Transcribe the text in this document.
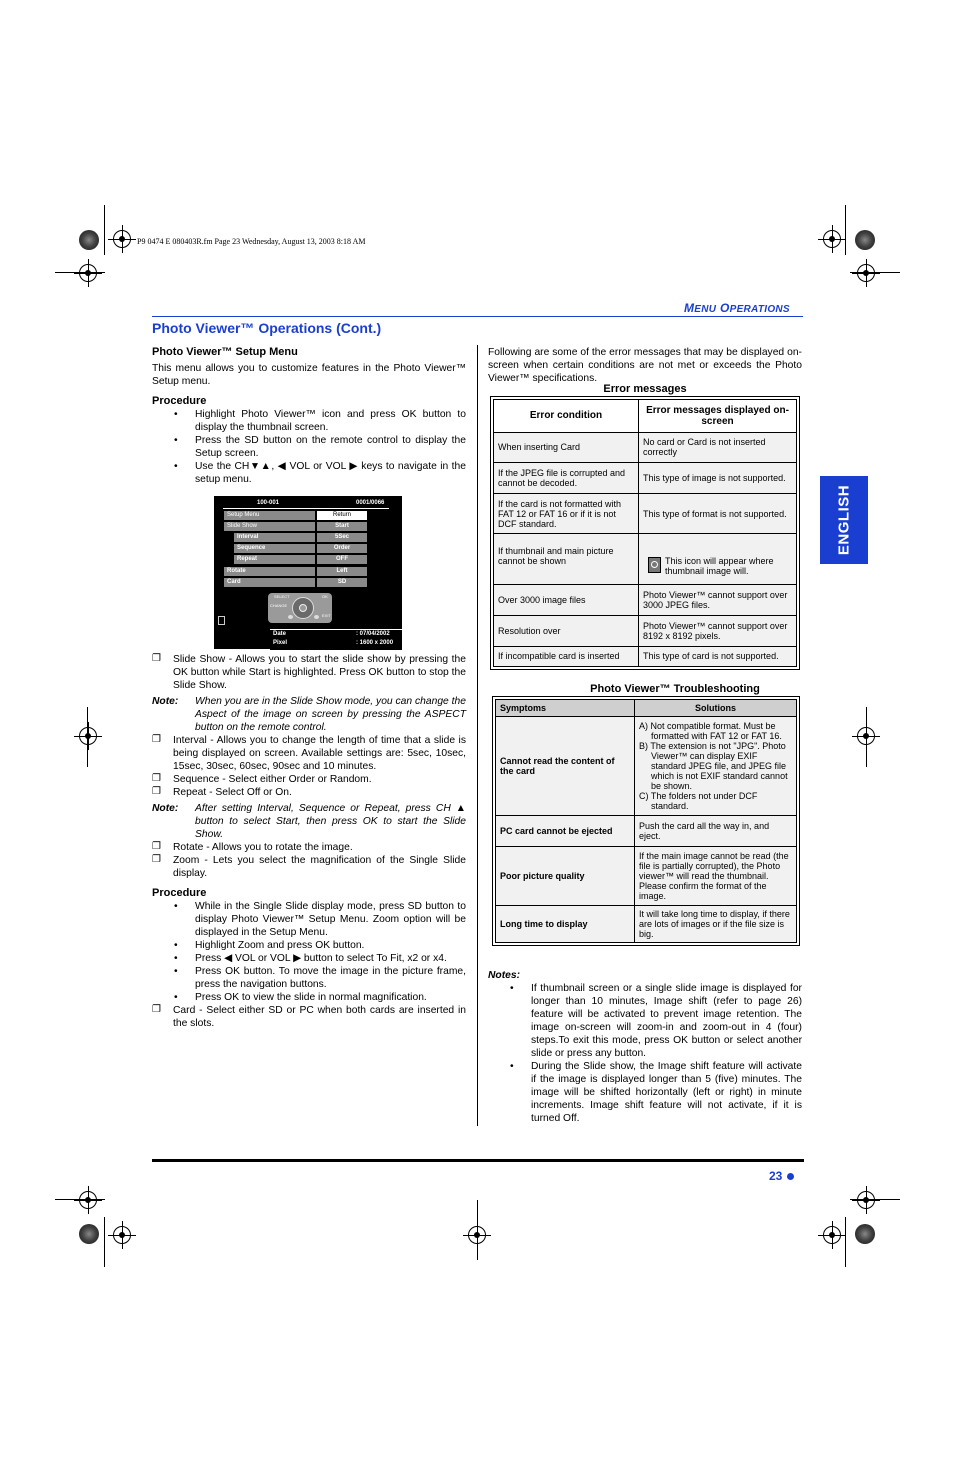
P9 0474 E 080403R.fm Page 23 Wednesday, August 13, 2003 8:18 AM
MENU OPERATIONS
Photo Viewer™ Operations (Cont.)
ENGLISH
Photo Viewer™ Setup Menu

This menu allows you to customize features in the Photo Viewer™ Setup menu.

Procedure
• Highlight Photo Viewer™ icon and press OK button to display the thumbnail screen.
• Press the SD button on the remote control to display the Setup screen.
• Use the CH▼▲, ◀ VOL or VOL ▶ keys to navigate in the setup menu.
100-001	0001/0066
Setup Menu	Return
Slide Show	Start
Interval	5Sec
Sequence	Order
Repeat	OFF
Rotate	Left
Card	SD
SELECT	OK
CHANGE
EXIT
Date	: 07/04/2002
Pixel	: 1600 x 2000
❐ Slide Show - Allows you to start the slide show by pressing the OK button while Start is highlighted. Press OK button to stop the Slide Show.
Note: When you are in the Slide Show mode, you can change the Aspect of the image on screen by pressing the ASPECT button on the remote control.
❐ Interval - Allows you to change the length of time that a slide is being displayed on screen. Available settings are: 5sec, 10sec, 15sec, 30sec, 60sec, 90sec and 10 minutes.
❐ Sequence - Select either Order or Random.
❐ Repeat - Select Off or On.
Note: After setting Interval, Sequence or Repeat, press CH ▲ button to select Start, then press OK to start the Slide Show.
❐ Rotate - Allows you to rotate the image.
❐ Zoom - Lets you select the magnification of the Single Slide display.
Procedure
• While in the Single Slide display mode, press SD button to display Photo Viewer™ Setup Menu. Zoom option will be displayed in the Setup Menu.
• Highlight Zoom and press OK button.
• Press ◀ VOL or VOL ▶ button to select To Fit, x2 or x4.
• Press OK button. To move the image in the picture frame, press the navigation buttons.
• Press OK to view the slide in normal magnification.
❐ Card - Select either SD or PC when both cards are inserted in the slots.
Following are some of the error messages that may be displayed on-screen when certain conditions are not met or exceeds the Photo Viewer™ specifications.
Error messages
Error condition	Error messages displayed on-screen
When inserting Card	No card or Card is not inserted correctly
If the JPEG file is corrupted and cannot be decoded.	This type of image is not supported.
If the card is not formatted with FAT 12 or FAT 16 or if it is not DCF standard.	This type of format is not supported.
If thumbnail and main picture cannot be shown	This icon will appear where thumbnail image will.

Over 3000 image files	Photo Viewer™ cannot support over 3000 JPEG files.
Resolution over	Photo Viewer™ cannot support over 8192 x 8192 pixels.
If incompatible card is inserted	This type of card is not supported.
Photo Viewer™ Troubleshooting
Symptoms	Solutions
Cannot read the content of the card	A) Not compatible format. Must be formatted with FAT 12 or FAT 16.
B) The extension is not "JPG". Photo Viewer™ can display EXIF standard JPEG file, and JPEG file which is not EXIF standard cannot be shown.
C) The folders not under DCF standard.

PC card cannot be ejected	Push the card all the way in, and eject.
Poor picture quality	If the main image cannot be read (the file is partially corrupted), the Photo viewer™ will read the thumbnail. Please confirm the format of the image.
Long time to display	It will take long time to display, if there are lots of images or if the file size is big.
Notes:
• If thumbnail screen or a single slide image is displayed for longer than 10 minutes, Image shift (refer to page 26) feature will be activated to prevent image retention. The image on-screen will zoom-in and zoom-out in 4 (four) steps.To exit this mode, press OK button or select another slide or press any button.
• During the Slide show, the Image shift feature will activate if the image is displayed longer than 5 (five) minutes. The image will be shifted horizontally (left or right) in minute increments. Image shift feature will not activate, if it is turned Off.
23
